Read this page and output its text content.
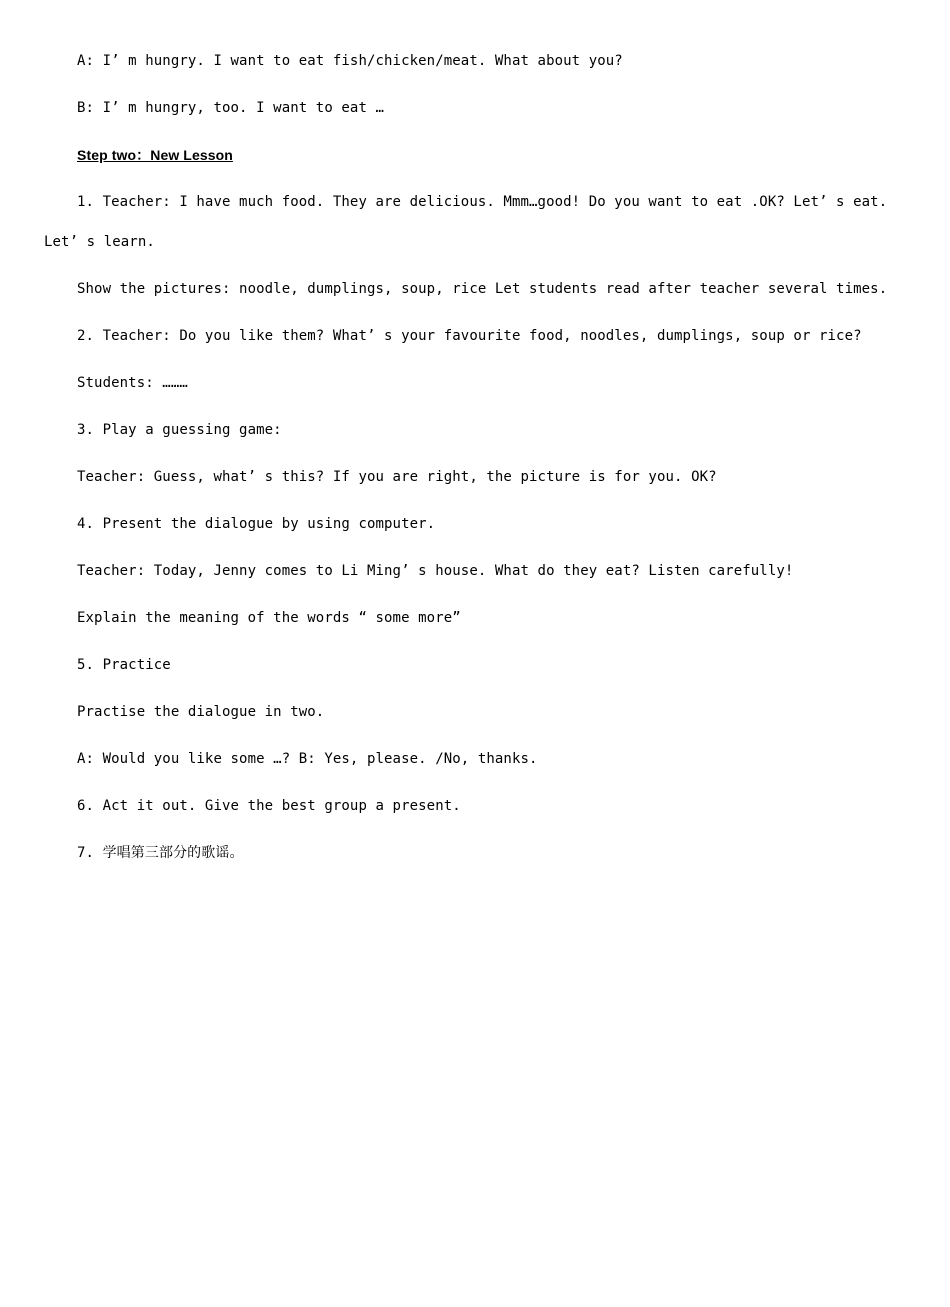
A: I’ m hungry. I want to eat fish/chicken/meat. What about you?
B: I’ m hungry, too. I want to eat …
Step two：New Lesson
1. Teacher: I have much food. They are delicious. Mmm…good! Do you want to eat .OK? Let’ s eat.
Let’ s learn.
Show the pictures: noodle, dumplings, soup, rice Let students read after teacher several times.
2. Teacher: Do you like them? What’ s your favourite food, noodles, dumplings, soup or rice?
Students: ………
3. Play a guessing game:
Teacher: Guess, what’ s this? If you are right, the picture is for you. OK?
4. Present the dialogue by using computer.
Teacher: Today, Jenny comes to Li Ming’ s house. What do they eat? Listen carefully!
Explain the meaning of the words “ some more”
5. Practice
Practise the dialogue in two.
A: Would you like some …? B: Yes, please. /No, thanks.
6. Act it out. Give the best group a present.
7. 学唱第三部分的歌谣。
